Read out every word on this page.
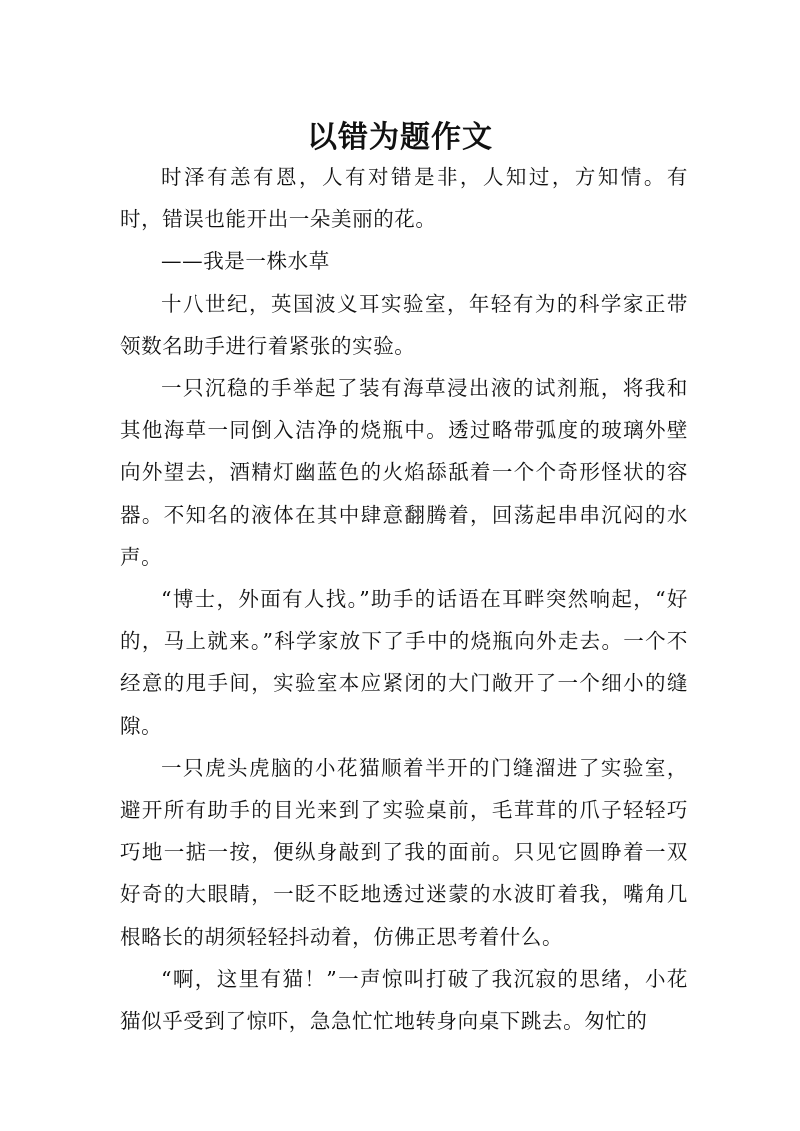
以错为题作文

时泽有恙有恩，人有对错是非，人知过，方知情。有时，错误也能开出一朵美丽的花。

——我是一株水草

十八世纪，英国波义耳实验室，年轻有为的科学家正带领数名助手进行着紧张的实验。

一只沉稳的手举起了装有海草浸出液的试剂瓶，将我和其他海草一同倒入洁净的烧瓶中。透过略带弧度的玻璃外壁向外望去，酒精灯幽蓝色的火焰舔舐着一个个奇形怪状的容器。不知名的液体在其中肆意翻腾着，回荡起串串沉闷的水声。

“博士，外面有人找。”助手的话语在耳畔突然响起，“好的，马上就来。”科学家放下了手中的烧瓶向外走去。一个不经意的甩手间，实验室本应紧闭的大门敞开了一个细小的缝隙。

一只虎头虎脑的小花猫顺着半开的门缝溜进了实验室，避开所有助手的目光来到了实验桌前，毛茸茸的爪子轻轻巧巧地一掂一按，便纵身敲到了我的面前。只见它圆睁着一双好奇的大眼睛，一眨不眨地透过迷蒙的水波盯着我，嘴角几根略长的胡须轻轻抖动着，仿佛正思考着什么。

“啊，这里有猫！”一声惊叫打破了我沉寂的思绪，小花猫似乎受到了惊吓，急急忙忙地转身向桌下跳去。匆忙的
